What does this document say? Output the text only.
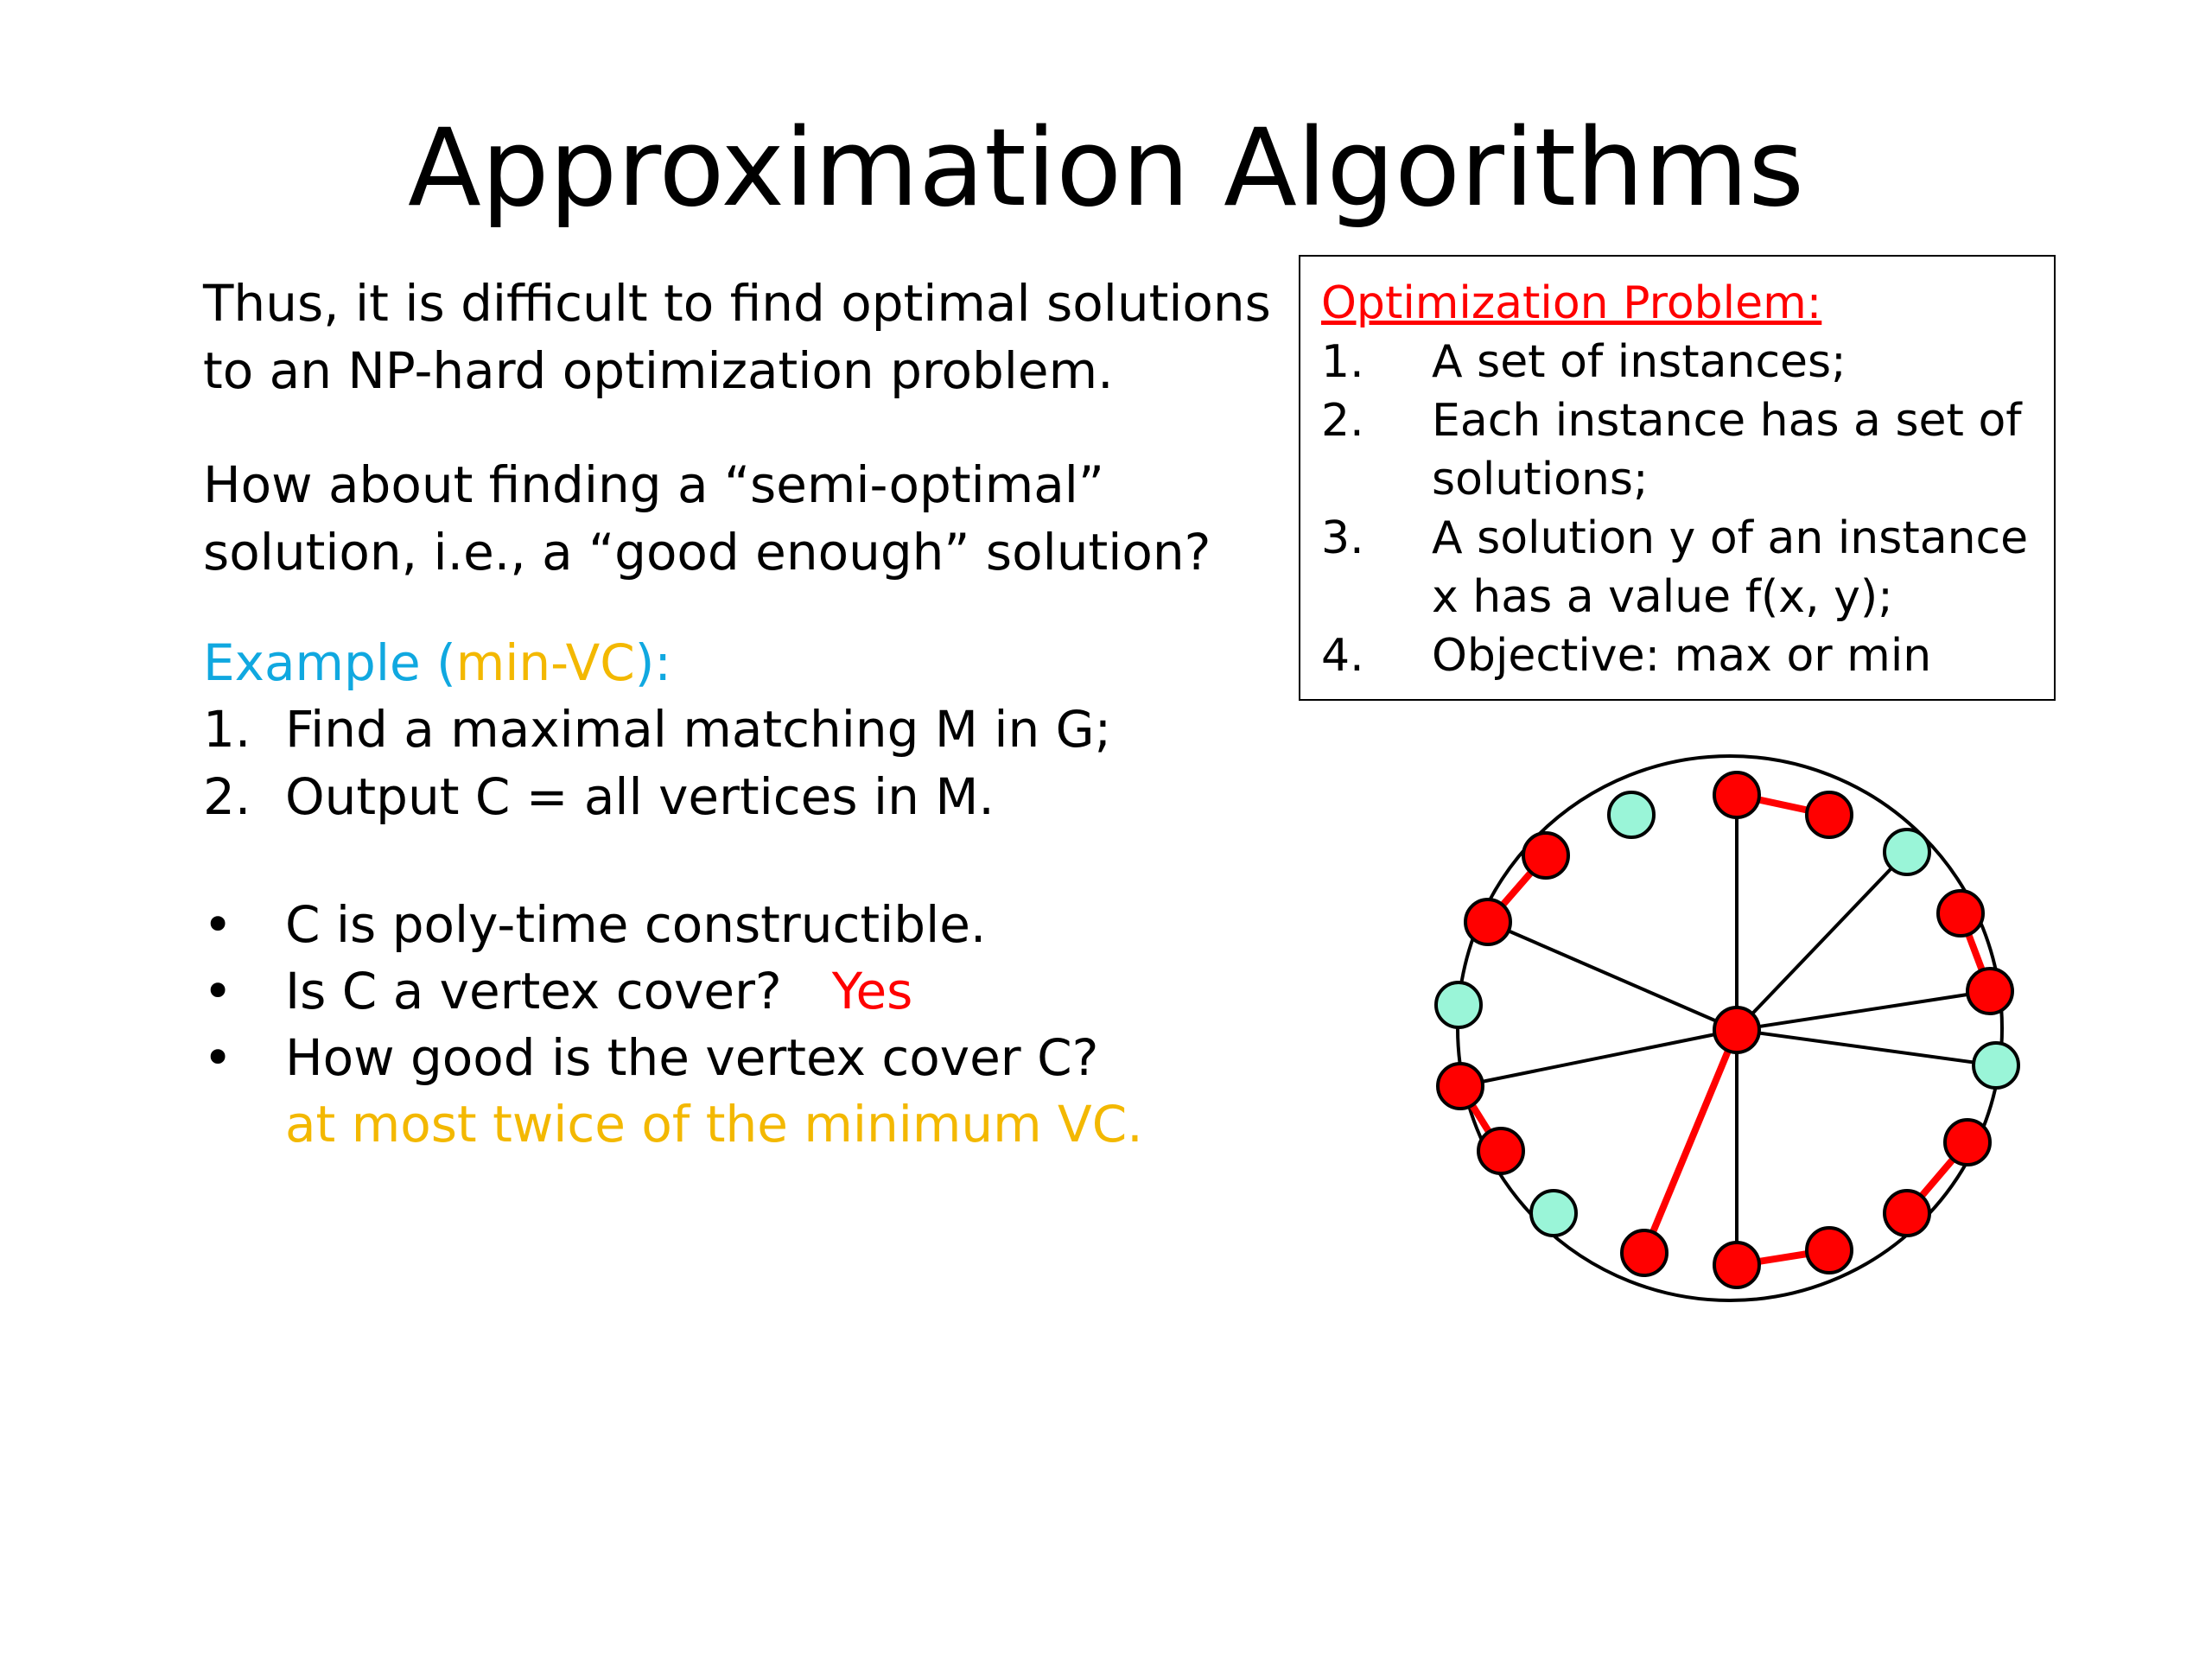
Approximation Algorithms
Thus, it is difficult to find optimal solutions
to an NP-hard optimization problem.
How about finding a “semi-optimal”
solution, i.e., a “good enough” solution?
Example (min-VC):
1. Find a maximal matching M in G;
2. Output C = all vertices in M.
• C is poly-time constructible.
• Is C a vertex cover? Yes
• How good is the vertex cover C?
at most twice of the minimum VC.
Optimization Problem:
1. A set of instances;
2. Each instance has a set of
solutions;
3. A solution y of an instance
x has a value f(x, y);
4. Objective: max or min
